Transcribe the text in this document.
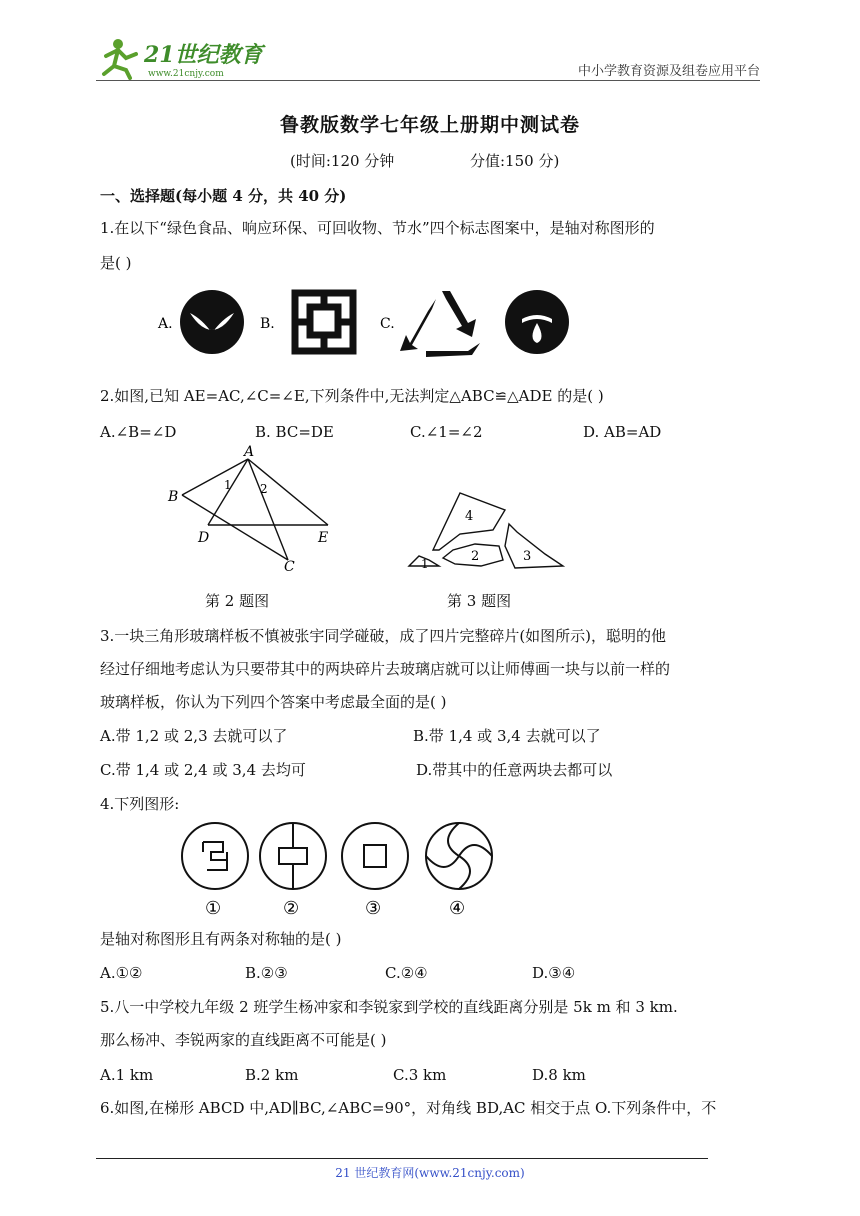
21世纪教育
www.21cnjy.com	中小学教育资源及组卷应用平台
鲁教版数学七年级上册期中测试卷
(时间:120 分钟	分值:150 分)
一、选择题(每小题 4 分，共 40 分)
1.在以下“绿色食品、响应环保、可回收物、节水”四个标志图案中，是轴对称图形的
是( )
A.	B.	C.
2.如图,已知 AE=AC,∠C=∠E,下列条件中,无法判定△ABC≌△ADE 的是( )
A.∠B=∠D	B. BC=DE	C.∠1=∠2	D. AB=AD
A
B
D	E
C
1 2
4
1	2	3
第 2 题图	第 3 题图
3.一块三角形玻璃样板不慎被张宇同学碰破，成了四片完整碎片(如图所示)，聪明的他
经过仔细地考虑认为只要带其中的两块碎片去玻璃店就可以让师傅画一块与以前一样的
玻璃样板，你认为下列四个答案中考虑最全面的是( )
A.带 1,2 或 2,3 去就可以了	B.带 1,4 或 3,4 去就可以了
C.带 1,4 或 2,4 或 3,4 去均可	D.带其中的任意两块去都可以
4.下列图形:
①	②	③	④
是轴对称图形且有两条对称轴的是( )
A.①②	B.②③	C.②④	D.③④
5.八一中学校九年级 2 班学生杨冲家和李锐家到学校的直线距离分别是 5k m 和 3 km.
那么杨冲、李锐两家的直线距离不可能是( )
A.1 km	B.2 km	C.3 km	D.8 km
6.如图,在梯形 ABCD 中,AD∥BC,∠ABC=90°，对角线 BD,AC 相交于点 O.下列条件中，不
21 世纪教育网(www.21cnjy.com)
